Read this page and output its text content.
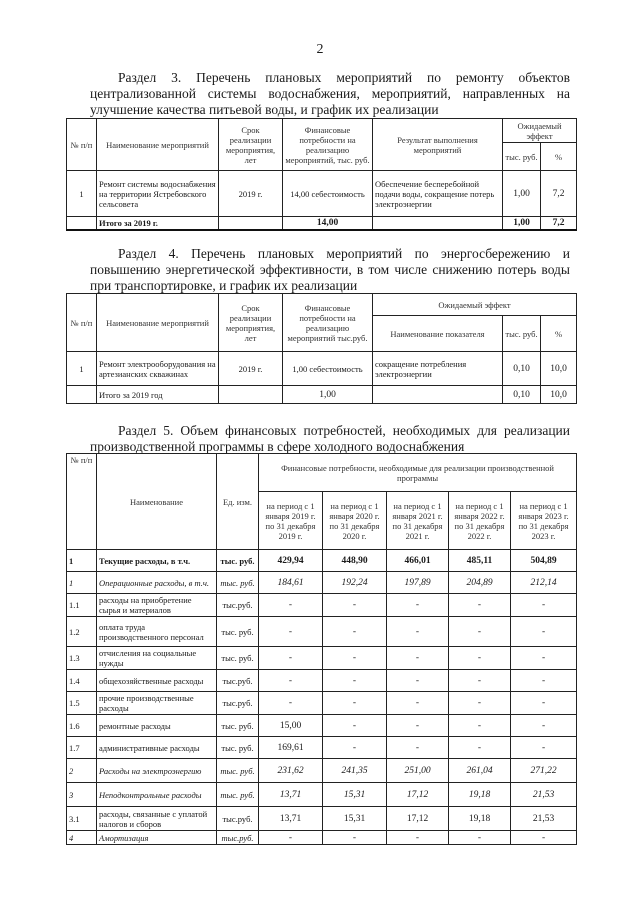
2

Раздел 3. Перечень плановых мероприятий по ремонту объектов

централизованной системы водоснабжения, мероприятий, направленных на

улучшение качества питьевой воды, и график их реализации

№ п/п	Наименование мероприятий	Срок реализации мероприятия, лет	Финансовые потребности на реализацию мероприятий, тыс. руб.	Результат выполнения мероприятий	Ожидаемый эффект	
					тыс. руб.	%
1	Ремонт системы водоснабжения на территории Ястребовского сельсовета	2019 г.	14,00 себестоимость	Обеспечение бесперебойной подачи воды, сокращение потерь электроэнергии	1,00	7,2
	Итого за 2019 г.		14,00		1,00	7,2

Раздел 4. Перечень плановых мероприятий по энергосбережению и

повышению энергетической эффективности, в том числе снижению потерь воды

при транспортировке, и график их реализации

№ п/п	Наименование мероприятий	Срок реализации мероприятия, лет	Финансовые потребности на реализацию мероприятий тыс.руб.	Ожидаемый эффект		
				Наименование показателя	тыс. руб.	%
1	Ремонт электрооборудования на артезианских скважинах	2019 г.	1,00 себестоимость	сокращение потребления электроэнергии	0,10	10,0
	Итого за 2019 год		1,00		0,10	10,0

Раздел 5. Объем финансовых потребностей, необходимых для реализации

производственной программы в сфере холодного водоснабжения

№ п/п	Наименование	Ед. изм.	Финансовые потребности, необходимые для реализации производственной программы				
			на период с 1 января 2019 г. по 31 декабря 2019 г.	на период с 1 января 2020 г. по 31 декабря 2020 г.	на период с 1 января 2021 г. по 31 декабря 2021 г.	на период с 1 января 2022 г. по 31 декабря 2022 г.	на период с 1 января 2023 г. по 31 декабря 2023 г.
1	Текущие расходы, в т.ч.	тыс. руб.	429,94	448,90	466,01	485,11	504,89
1	Операционные расходы, в т.ч.	тыс. руб.	184,61	192,24	197,89	204,89	212,14
1.1	расходы на приобретение сырья и материалов	тыс.руб.	-	-	-	-	-
1.2	оплата труда производственного персонал	тыс. руб.	-	-	-	-	-
1.3	отчисления на социальные нужды	тыс. руб.	-	-	-	-	-
1.4	общехозяйственные расходы	тыс.руб.	-	-	-	-	-
1.5	прочие производственные расходы	тыс.руб.	-	-	-	-	-
1.6	ремонтные расходы	тыс. руб.	15,00	-	-	-	-
1.7	административные расходы	тыс. руб.	169,61	-	-	-	-
2	Расходы на электроэнергию	тыс. руб.	231,62	241,35	251,00	261,04	271,22
3	Неподконтрольные расходы	тыс. руб.	13,71	15,31	17,12	19,18	21,53
3.1	расходы, связанные с уплатой налогов и сборов	тыс.руб.	13,71	15,31	17,12	19,18	21,53
4	Амортизация	тыс.руб.	-	-	-	-	-
